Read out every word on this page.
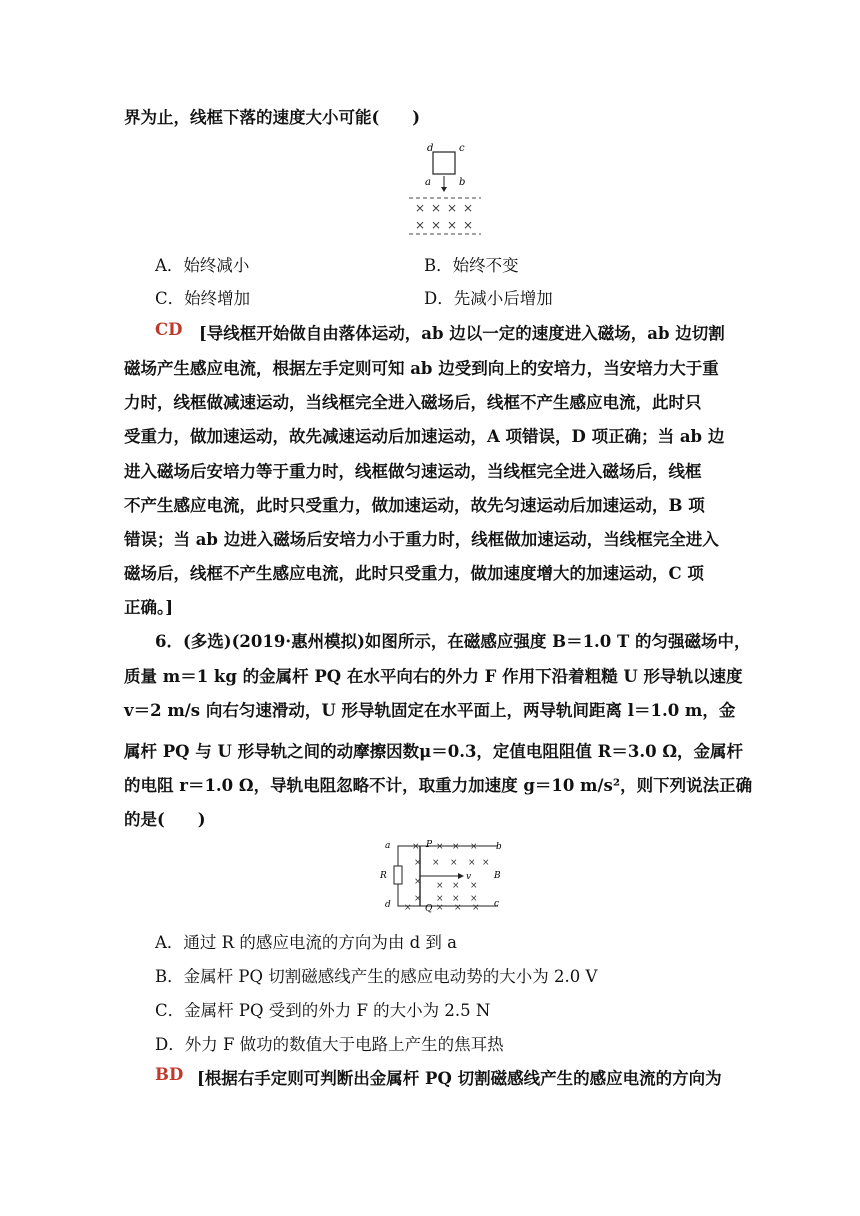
界为止，线框下落的速度大小可能(　　)
d	c
a	b
× × × ×
× × × ×
A．始终减小	B．始终不变
C．始终增加	D．先减小后增加
CD [导线框开始做自由落体运动，ab 边以一定的速度进入磁场，ab 边切割
磁场产生感应电流，根据左手定则可知 ab 边受到向上的安培力，当安培力大于重
力时，线框做减速运动，当线框完全进入磁场后，线框不产生感应电流，此时只
受重力，做加速运动，故先减速运动后加速运动，A 项错误，D 项正确；当 ab 边
进入磁场后安培力等于重力时，线框做匀速运动，当线框完全进入磁场后，线框
不产生感应电流，此时只受重力，做加速运动，故先匀速运动后加速运动，B 项
错误；当 ab 边进入磁场后安培力小于重力时，线框做加速运动，当线框完全进入
磁场后，线框不产生感应电流，此时只受重力，做加速度增大的加速运动，C 项
正确。]
6．(多选)(2019·惠州模拟)如图所示，在磁感应强度 B＝1.0 T 的匀强磁场中，
质量 m＝1 kg 的金属杆 PQ 在水平向右的外力 F 作用下沿着粗糙 U 形导轨以速度
v＝2 m/s 向右匀速滑动，U 形导轨固定在水平面上，两导轨间距离 l＝1.0 m，金
属杆 PQ 与 U 形导轨之间的动摩擦因数μ＝0.3，定值电阻阻值 R＝3.0 Ω，金属杆
的电阻 r＝1.0 Ω，导轨电阻忽略不计，取重力加速度 g＝10 m/s²，则下列说法正确
的是(　　)
a	b
d	c
P
Q
R	B
v
× × × ×
× × × ×
×
×
×
× × ×
× × ×
× × ×
×
A．通过 R 的感应电流的方向为由 d 到 a
B．金属杆 PQ 切割磁感线产生的感应电动势的大小为 2.0 V
C．金属杆 PQ 受到的外力 F 的大小为 2.5 N
D．外力 F 做功的数值大于电路上产生的焦耳热
BD [根据右手定则可判断出金属杆 PQ 切割磁感线产生的感应电流的方向为
